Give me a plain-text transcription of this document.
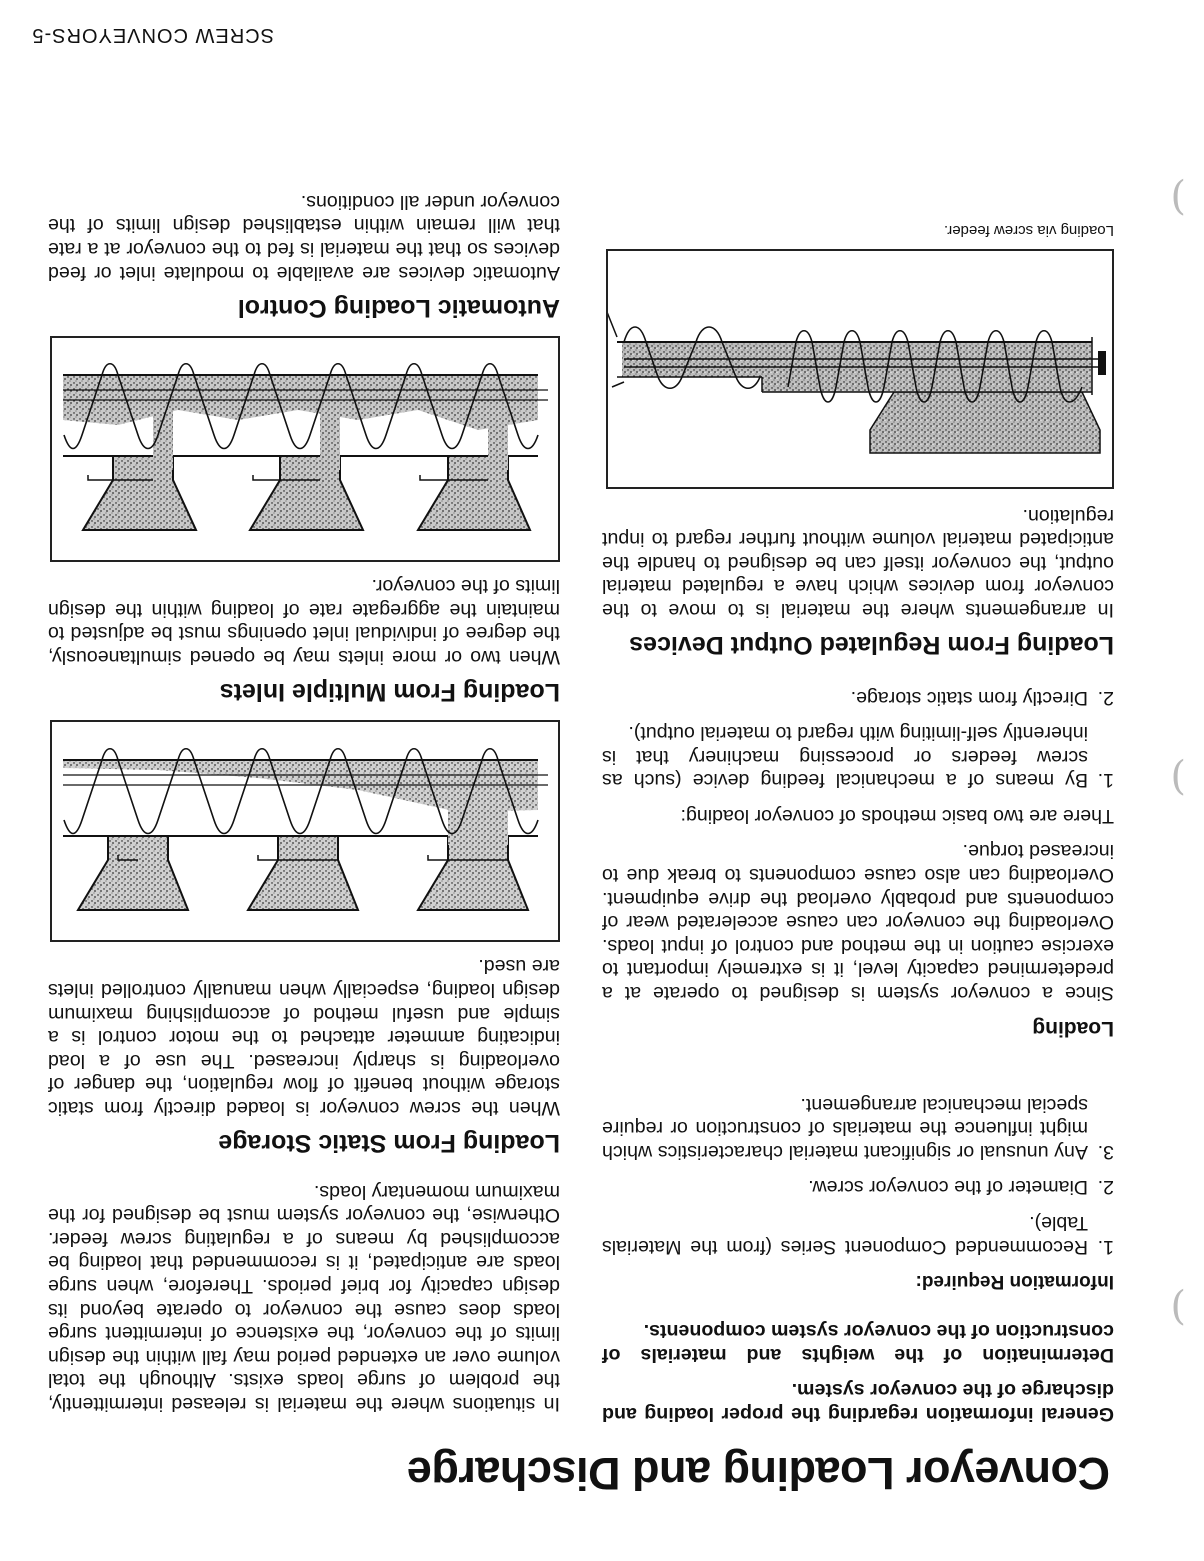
Conveyor Loading and Discharge

General information regarding the proper loading and discharge of the conveyor system.

Determination of the weights and materials of construction of the conveyor system components.

Information Required:

1.
Recommended Component Series (from the Materials Table).
2.
Diameter of the conveyor screw.
3.
Any unusual or significant material characteristics which might influence the materials of construction or require special mechanical arrangement.

Loading

Since a conveyor system is designed to operate at a predetermined capacity level, it is extremely important to exercise caution in the method and control of input loads. Overloading the conveyor can cause accelerated wear of components and probably overload the drive equipment. Overloading can also cause components to break due to increased torque.

There are two basic methods of conveyor loading:

1.
By means of a mechanical feeding device (such as screw feeders or processing machinery that is inherently self-limiting with regard to material output).
2.
Directly from static storage.

Loading From Regulated Output Devices

In arrangements where the material is to move to the conveyor from devices which have a regulated material output, the conveyor itself can be designed to handle the anticipated material volume without further regard to input regulation.

Loading via screw feeder.

In situations where the material is released intermittently, the problem of surge loads exists. Although the total volume over an extended period may fall within the design limits of the conveyor, the existence of intermittent surge loads does cause the conveyor to operate beyond its design capacity for brief periods. Therefore, when surge loads are anticipated, it is recommended that loading be accomplished by means of a regulating screw feeder. Otherwise, the conveyor system must be designed for the maximum momentary loads.

Loading From Static Storage

When the screw conveyor is loaded directly from static storage without benefit of flow regulation, the danger of overloading is sharply increased. The use of a load indicating ammeter attached to the motor control is a simple and useful method of accomplishing maximum design loading, especially when manually controlled inlets are used.

Loading From Multiple Inlets

When two or more inlets may be opened simultaneously, the degree of individual inlet openings must be adjusted to maintain the aggregate rate of loading within the design limits of the conveyor.

Automatic Loading Control

Automatic devices are available to modulate inlet or feed devices so that the material is fed to the conveyor at a rate that will remain within established design limits of the conveyor under all conditions.

)
)
)
SCREW CONVEYORS-5
